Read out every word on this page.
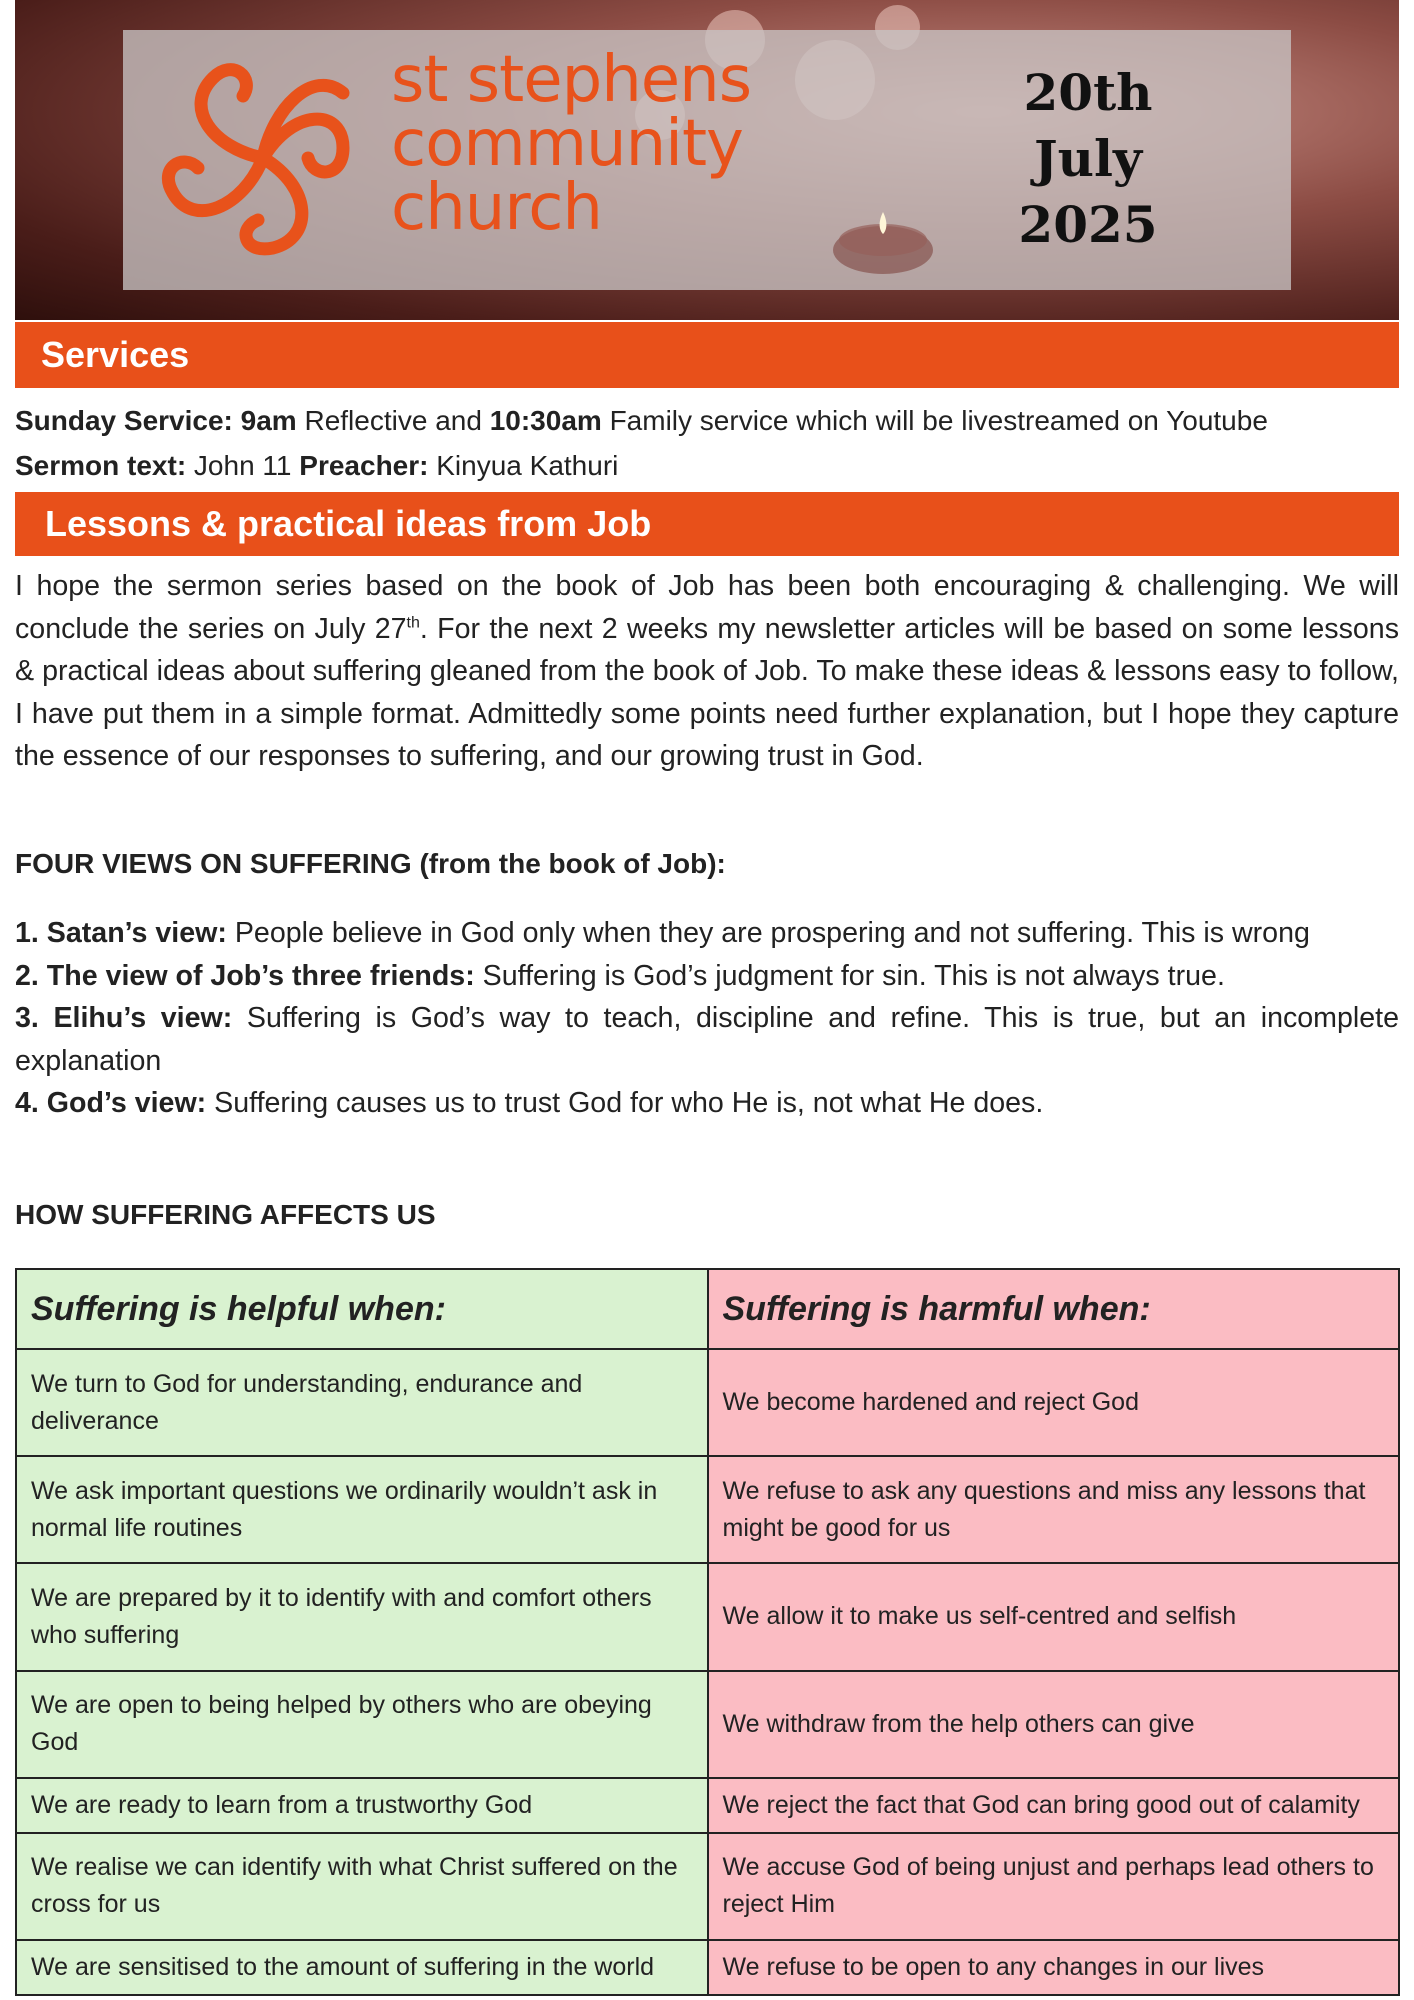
st stephens
community
church
20th
July
2025
Services

Sunday Service: 9am Reflective and 10:30am Family service which will be livestreamed on Youtube

Sermon text: John 11 Preacher: Kinyua Kathuri

Lessons & practical ideas from Job

I hope the sermon series based on the book of Job has been both encouraging & challenging. We will conclude the series on July 27th. For the next 2 weeks my newsletter articles will be based on some lessons & practical ideas about suffering gleaned from the book of Job. To make these ideas & lessons easy to follow, I have put them in a simple format. Admittedly some points need further explanation, but I hope they capture the essence of our responses to suffering, and our growing trust in God.

FOUR VIEWS ON SUFFERING (from the book of Job):

1. Satan’s view: People believe in God only when they are prospering and not suffering. This is wrong

2. The view of Job’s three friends: Suffering is God’s judgment for sin. This is not always true.

3. Elihu’s view: Suffering is God’s way to teach, discipline and refine. This is true, but an incomplete explanation

4. God’s view: Suffering causes us to trust God for who He is, not what He does.

HOW SUFFERING AFFECTS US
Suffering is helpful when:	Suffering is harmful when:
We turn to God for understanding, endurance and deliverance	We become hardened and reject God
We ask important questions we ordinarily wouldn’t ask in normal life routines	We refuse to ask any questions and miss any lessons that might be good for us
We are prepared by it to identify with and comfort others who suffering	We allow it to make us self-centred and selfish
We are open to being helped by others who are obeying God	We withdraw from the help others can give
We are ready to learn from a trustworthy God	We reject the fact that God can bring good out of calamity
We realise we can identify with what Christ suffered on the cross for us	We accuse God of being unjust and perhaps lead others to reject Him
We are sensitised to the amount of suffering in the world	We refuse to be open to any changes in our lives
